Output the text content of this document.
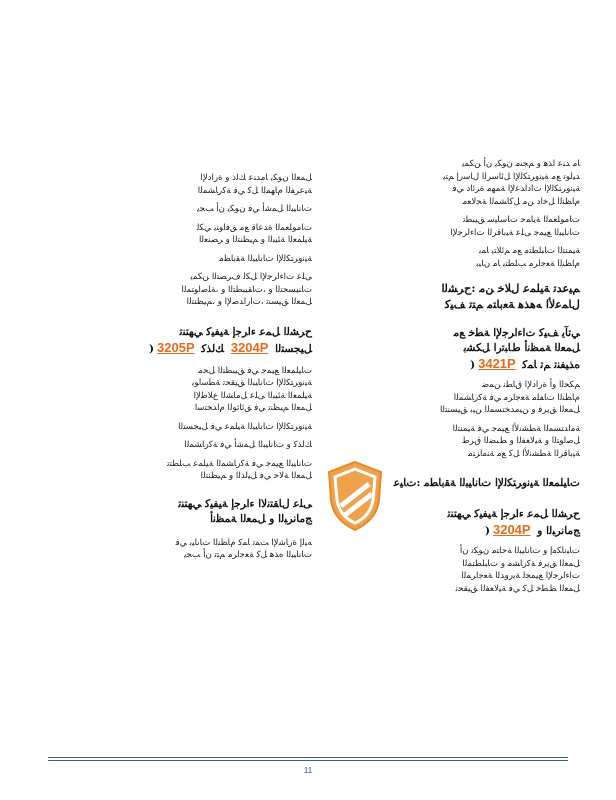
ﺎﻣ ﺪﻨﻋ ﺍﺬﻫ ﻭ ﻢﺠﻨﻣ ﻥﻮﻜﻳ ﻥﺃ ﻦﻜﻤﻳ
ﺪﻴﻟﻮﺗ ﻊﻣ ﺔﻴﻧﻭﺮﺘﻜﻟﻹﺍ ﻞﺋﺎﺳﺮﻟﺍ ﻝﺎﺳﺭﺇ ﻢﺘﻳ
ﺔﻴﻧﻭﺮﺘﻜﻟﻹﺍ ﺕﺍﺩﺍﺪﻋﻹﺍ ﺔﻤﻬﻣ ﺓﺮﺋﺍﺩ ﻲﻓ
ﻡﺎﻈﻨﻟﺍ ﻞﺧﺍﺩ ﻦﻣ ﻞﻛﺎﺸﻤﻟﺍ ﺔﺠﻟﺎﻌﻣ

ﺕﺎﻣﻮﻠﻌﻤﻟﺍ ﺔﻳﺎﻤﺣ ﺕﺎﺳﺎﻴﺳ ﻖﻴﺒﻄﺗ
ﺕﺎﻧﺎﻴﺒﻟﺍ ﻊﻴﻤﺟ ﻰﻠﻋ ﺔﻴﺑﺎﻗﺮﻟﺍ ﺕﺍﺀﺍﺮﺟﻹﺍ

ﺔﻴﻤﻨﺘﻟﺍ ﺕﺎﺒﻠﻄﺘﻣ ﻊﻣ ﻢﺋﻼﺘﻳ ﺎﻤﺑ
ﻡﺎﻈﻨﻟﺍ ﺔﻌﺟﺍﺮﻣ ﺐﻠﻄﺘﻳ ﺎﻣ ﻥﺎﻴﺑ

ﻢﻴﻋﺪﺗ ﺔﻴﻠﻤﻋ ﻝﻼﺧ ﻦﻣ :ﺡﺮﺸﻟﺍ
ﻝﺎﻤﻋﻷﺍ ﻪﻫﺬﻫ ﺔﻌﺑﺎﺘﻣ ﻢﺘﺗ ﻒﻴﻛ

ﻲﺗﺂﻳ ﻒﻴﻛ ﺕﺍﺀﺍﺮﺟﻹﺍ ﺔﻄﺧ ﻊﻣ

ﻞﻤﻌﻟﺍ ﺔﻤﻈﻧﺃ ﻁﺎﺒﺗﺭﺍ ﻞﻜﺸﺑ

ﻩﺬﻴﻔﻨﺗ ﻢﺗ ﺎﻤﻛ 3421P(

ﻢﻜﺤﻟﺍ ﻭﺃ ﺓﺭﺍﺩﻹﺍ ﻕﺎﻄﻧ ﻦﻤﺿ
ﻡﺎﻈﻨﻟﺍ ﺕﺎﻔﻠﻣ ﺔﻌﺟﺍﺮﻣ ﻲﻓ ﺔﻛﺭﺎﺸﻤﻟﺍ
ﻞﻤﻌﻟﺍ ﻖﻳﺮﻓ ﻭ ﻦﻴﻣﺪﺨﺘﺴﻤﻟﺍ ﻦﻴﺑ ﻖﻴﺴﻨﺘﻟﺍ

ﺔﻣﺍﺪﺘﺴﻤﻟﺍ ﺔﻄﺸﻧﻷﺍ ﻊﻴﻤﺟ ﻲﻓ ﺔﻴﻤﻨﺘﻟﺍ
ﻞﺻﺍﻮﺘﻟﺍ ﻭ ﺔﻴﻟﺎﻌﻔﻟﺍ ﻭ ﻂﺒﻀﻟﺍ ﻕﺮﻃ
ﺔﻴﺑﺎﻗﺮﻟﺍ ﺔﻄﺸﻧﻷﺍ ﻞﻛ ﻊﻣ ﺔﻨﻣﺍﺰﺘﻣ

ﺕﺎﻴﻠﻤﻌﻟﺍ ﺔﻴﻧﻭﺮﺘﻜﻟﻹﺍ ﺕﺎﻧﺎﻴﺒﻟﺍ ﺔﻘﺑﺎﻄﻣ :ﺕﺎﻴﻋ

ﺡﺮﺸﻟﺍ ﻞﻤﻋ ﺀﺍﺮﺟﺇ ﺔﻴﻔﻴﻛ ﻲﻬﺘﻨﺗ

ﺞﻣﺎﻧﺮﺒﻟﺍ ﻭ 3204P(

ﺕﺎﻴﻧﺎﻜﻣﺇ ﻭ ﺕﺎﻧﺎﻴﺒﻟﺍ ﺔﺣﺎﺘﻣ ﻥﻮﻜﺗ ﻥﺃ
ﻞﻤﻌﻟﺍ ﻖﻳﺮﻓ ﺔﻛﺭﺎﺸﻣ ﻭ ﺕﺎﺒﻠﻄﺘﻤﻟﺍ
ﺕﺍﺀﺍﺮﺟﻹﺍ ﻊﻴﻤﺠﻟ ﺔﻳﺭﻭﺪﻟﺍ ﺔﻌﺟﺍﺮﻤﻟﺍ
ﻞﻤﻌﻟﺍ ﻂﻄﺧ ﻞﻛ ﻲﻓ ﺔﻴﻟﺎﻌﻔﻟﺍ ﻖﻴﻘﺤﺗ

ﻞﻤﻌﻟﺍ ﻥﻮﻜﻳ ﺎﻣﺪﻨﻋ ﻚﻟﺫ ﻭ ﺓﺭﺍﺩﻹﺍ
ﺔﻴﻋﺮﻔﻟﺍ ﻡﺎﻬﻤﻟﺍ ﻞﻛ ﻲﻓ ﺔﻛﺭﺎﺸﻤﻟﺍ

ﺕﺎﻧﺎﻴﺒﻟﺍ ﻞﻤﺷﺃ ﻲﻓ ﻥﻮﻜﻳ ﻥﺃ ﺐﺠﻳ

ﺕﺎﻣﻮﻠﻌﻤﻟﺍ ﺓﺪﻋﺎﻗ ﻊﻣ ﻖﻓﺍﻮﺘﻳ ﻲﻜﻟ
ﺔﻴﻠﻤﻌﻟﺍ ﺔﺌﻴﺒﻟﺍ ﻭ ﻢﻴﻈﻨﺘﻟﺍ ﻭ ﺮﺼﻨﻌﻟﺍ

ﺔﻴﻧﻭﺮﺘﻜﻟﻹﺍ ﺕﺎﻧﺎﻴﺒﻟﺍ ﺔﻘﺑﺎﻄﻣ

ﻰﻠﻋ ﺕﺍﺀﺍﺮﺟﻹﺍ ﻞﻜﻟ ﻑﺮﺼﺘﻟﺍ ﻦﻜﻤﻳ
ﺕﺎﻨﻴﺴﺤﺘﻟﺍ ﻭ ،ﺕﺎﻘﻴﺒﻄﺘﻟﺍ ﻭ ،ﺔﻠﺻﺍﻮﺘﻤﻟﺍ
ﻞﻤﻌﻟﺍ ﻖﻴﺴﻨﺗ ،ﺕﺍﺭﺍﺪﺻﻹﺍ ﻭ ،ﻢﻴﻈﻨﺘﻟﺍ

ﺡﺮﺸﻟﺍ ﻞﻤﻋ ﺀﺍﺮﺟﺇ ﺔﻴﻔﻴﻛ ﻲﻬﺘﻨﺗ

ﻞﻴﺠﺴﺘﻟﺍ 3204P ﻚﻟﺬﻛ 3205P(

ﺕﺎﻴﻠﻤﻌﻟﺍ ﻊﻴﻤﺟ ﻲﻓ ﻖﻴﺒﻄﺘﻟﺍ ﻞﺤﻣ
ﺔﻴﻧﻭﺮﺘﻜﻟﻹﺍ ﺕﺎﻧﺎﻴﺒﻟﺍ ﻖﻴﻘﺤﺗ ﺔﻄﺳﺍﻮﺑ
ﺔﻴﻠﻤﻌﻟﺍ ﺔﺌﻴﺒﻟﺍ ﻰﻠﻋ ﻞﻣﺎﺸﻟﺍ ﻉﻼﻃﻹﺍ
ﻞﻤﻌﻟﺍ ﻢﻴﻈﻨﺗ ﻲﻓ ﻖﺋﺎﺛﻮﻟﺍ ﻡﺍﺪﺨﺘﺳﺍ

ﺔﻴﻧﻭﺮﺘﻜﻟﻹﺍ ﺕﺎﻧﺎﻴﺒﻟﺍ ﺔﻴﻠﻤﻋ ﻲﻓ ﻞﻴﺠﺴﺘﻟﺍ

ﻚﻟﺬﻛ ﻭ ﺕﺎﻧﺎﻴﺒﻟﺍ ﻞﻤﺷﺃ ﻲﻓ ﺔﻛﺭﺎﺸﻤﻟﺍ

ﺕﺎﻧﺎﻴﺒﻟﺍ ﻊﻴﻤﺟ ﻲﻓ ﺔﻛﺭﺎﺸﻤﻟﺍ ﺔﻴﻠﻤﻋ ﺐﻠﻄﺘﺗ
ﻞﻤﻌﻟﺍ ﺔﻟﺎﺣ ﻲﻓ ﻞﻴﻟﺪﻟﺍ ﻭ ﻢﻴﻈﻨﺘﻟﺍ

ﻰﻠﻋ ﻝﺎﻘﺘﻧﻻﺍ ﺀﺍﺮﺟﺇ ﺔﻴﻔﻴﻛ ﻲﻬﺘﻨﺗ

ﺞﻣﺎﻧﺮﺒﻟﺍ ﻭ ﻞﻤﻌﻟﺍ ﺔﻤﻈﻧﺃ

ﻪﻴﻟﺇ ﺓﺭﺎﺷﻹﺍ ﺖﻤﺗ ﺎﻤﻛ ﻡﺎﻈﻨﻟﺍ ﺕﺎﻧﺎﻴﺑ ﻲﻓ
ﺕﺎﻧﺎﻴﺒﻟﺍ ﻩﺬﻫ ﻞﻛ ﺔﻌﺟﺍﺮﻣ ﻢﺘﺗ ﻥﺃ ﺐﺠﻳ

11
